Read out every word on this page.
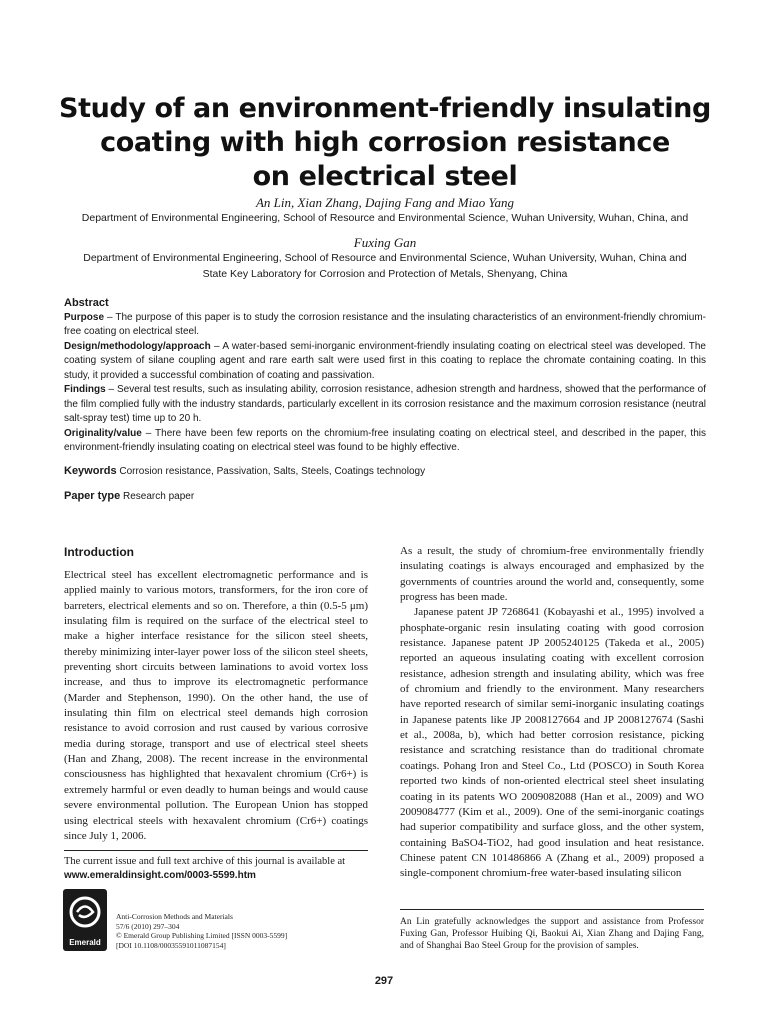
Study of an environment-friendly insulating
coating with high corrosion resistance
on electrical steel
An Lin, Xian Zhang, Dajing Fang and Miao Yang
Department of Environmental Engineering, School of Resource and Environmental Science, Wuhan University, Wuhan, China, and
Fuxing Gan
Department of Environmental Engineering, School of Resource and Environmental Science, Wuhan University, Wuhan, China and
State Key Laboratory for Corrosion and Protection of Metals, Shenyang, China

Abstract

Purpose – The purpose of this paper is to study the corrosion resistance and the insulating characteristics of an environment-friendly chromium-free coating on electrical steel.

Design/methodology/approach – A water-based semi-inorganic environment-friendly insulating coating on electrical steel was developed. The coating system of silane coupling agent and rare earth salt were used first in this coating to replace the chromate containing coating. In this study, it provided a successful combination of coating and passivation.

Findings – Several test results, such as insulating ability, corrosion resistance, adhesion strength and hardness, showed that the performance of the film complied fully with the industry standards, particularly excellent in its corrosion resistance and the maximum corrosion resistance (neutral salt-spray test) time up to 20 h.

Originality/value – There have been few reports on the chromium-free insulating coating on electrical steel, and described in the paper, this environment-friendly insulating coating on electrical steel was found to be highly effective.

Keywords Corrosion resistance, Passivation, Salts, Steels, Coatings technology
Paper type Research paper
Introduction

Electrical steel has excellent electromagnetic performance and is applied mainly to various motors, transformers, for the iron core of barreters, electrical elements and so on. Therefore, a thin (0.5-5 μm) insulating film is required on the surface of the electrical steel to make a higher interface resistance for the silicon steel sheets, thereby minimizing inter-layer power loss of the silicon steel sheets, preventing short circuits between laminations to avoid vortex loss increase, and thus to improve its electromagnetic performance (Marder and Stephenson, 1990). On the other hand, the use of insulating thin film on electrical steel demands high corrosion resistance to avoid corrosion and rust caused by various corrosive media during storage, transport and use of electrical steel sheets (Han and Zhang, 2008). The recent increase in the environmental consciousness has highlighted that hexavalent chromium (Cr6+) is extremely harmful or even deadly to human beings and would cause severe environmental pollution. The European Union has stopped using electrical steels with hexavalent chromium (Cr6+) coatings since July 1, 2006.

As a result, the study of chromium-free environmentally friendly insulating coatings is always encouraged and emphasized by the governments of countries around the world and, consequently, some progress has been made.

Japanese patent JP 7268641 (Kobayashi et al., 1995) involved a phosphate-organic resin insulating coating with good corrosion resistance. Japanese patent JP 2005240125 (Takeda et al., 2005) reported an aqueous insulating coating with excellent corrosion resistance, adhesion strength and insulating ability, which was free of chromium and friendly to the environment. Many researchers have reported research of similar semi-inorganic insulating coatings in Japanese patents like JP 2008127664 and JP 2008127674 (Sashi et al., 2008a, b), which had better corrosion resistance, picking resistance and scratching resistance than do traditional chromate coatings. Pohang Iron and Steel Co., Ltd (POSCO) in South Korea reported two kinds of non-oriented electrical steel sheet insulating coating in its patents WO 2009082088 (Han et al., 2009) and WO 2009084777 (Kim et al., 2009). One of the semi-inorganic coatings had superior compatibility and surface gloss, and the other system, containing BaSO4-TiO2, had good insulation and heat resistance. Chinese patent CN 101486866 A (Zhang et al., 2009) proposed a single-component chromium-free water-based insulating silicon

The current issue and full text archive of this journal is available at
www.emeraldinsight.com/0003-5599.htm
Emerald
Anti-Corrosion Methods and Materials
57/6 (2010) 297–304
© Emerald Group Publishing Limited [ISSN 0003-5599]
[DOI 10.1108/00035591011087154]
An Lin gratefully acknowledges the support and assistance from Professor Fuxing Gan, Professor Huibing Qi, Baokui Ai, Xian Zhang and Dajing Fang, and of Shanghai Bao Steel Group for the provision of samples.
297
